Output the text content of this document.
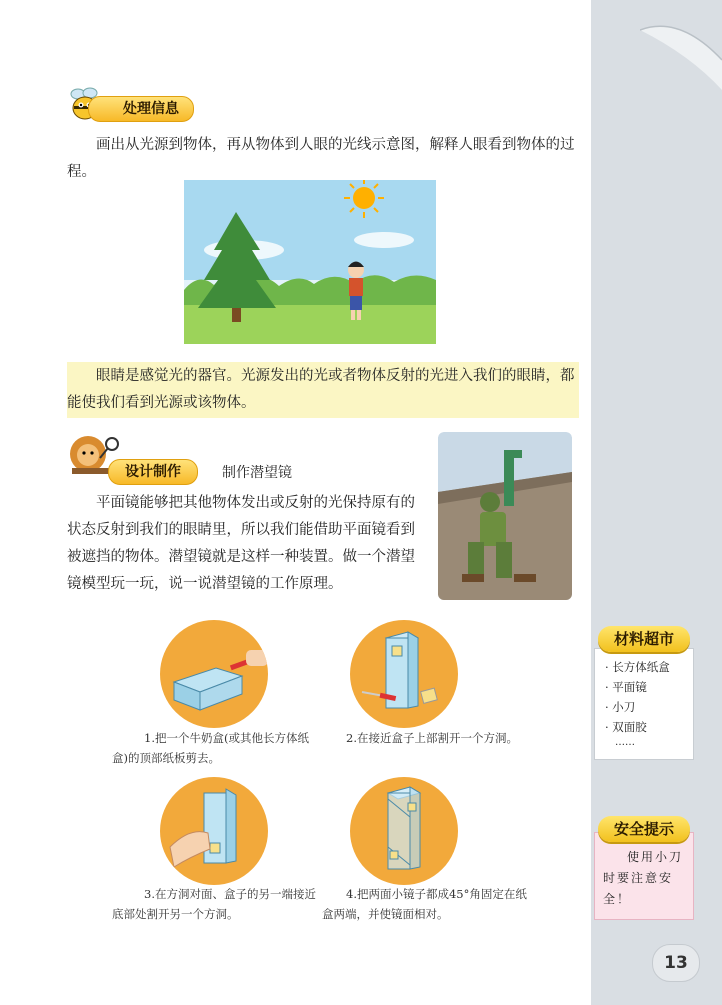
处理信息

画出从光源到物体，再从物体到人眼的光线示意图，解释人眼看到物体的过程。

眼睛是感觉光的器官。光源发出的光或者物体反射的光进入我们的眼睛，都能使我们看到光源或该物体。

设计制作	制作潜望镜

平面镜能够把其他物体发出或反射的光保持原有的状态反射到我们的眼睛里，所以我们能借助平面镜看到被遮挡的物体。潜望镜就是这样一种装置。做一个潜望镜模型玩一玩，说一说潜望镜的工作原理。

1.把一个牛奶盒(或其他长方体纸盒)的顶部纸板剪去。

2.在接近盒子上部割开一个方洞。

3.在方洞对面、盒子的另一端接近底部处割开另一个方洞。

4.把两面小镜子都成45°角固定在纸盒两端，并使镜面相对。

· 长方体纸盒
· 平面镜
· 小刀
· 双面胶
……
材料超市

使用小刀时要注意安全！

安全提示
13
